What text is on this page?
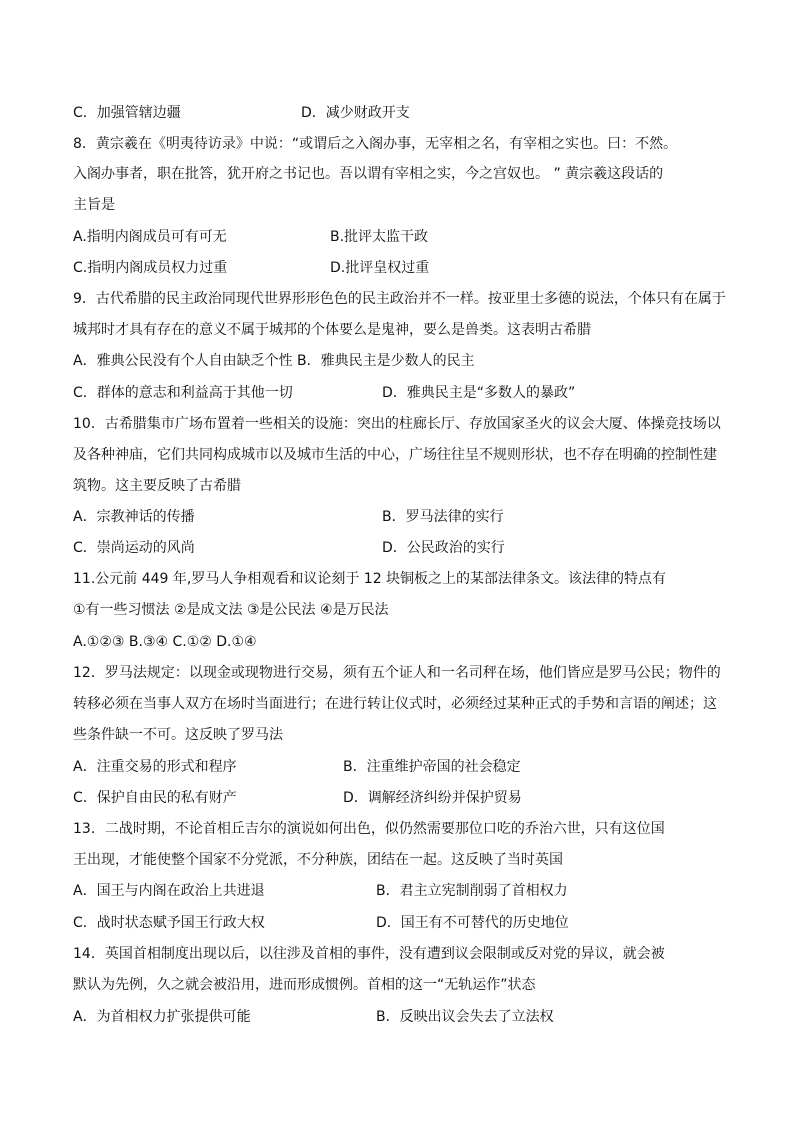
C．加强管辖边疆	D．减少财政开支
8．黄宗羲在《明夷待访录》中说：“或谓后之入阁办事，无宰相之名，有宰相之实也。曰：不然。
入阁办事者，职在批答，犹开府之书记也。吾以谓有宰相之实，今之宫奴也。 ” 黄宗羲这段话的
主旨是
A.指明内阁成员可有可无	B.批评太监干政
C.指明内阁成员权力过重	D.批评皇权过重
9．古代希腊的民主政治同现代世界形形色色的民主政治并不一样。按亚里士多德的说法，个体只有在属于
城邦时才具有存在的意义不属于城邦的个体要么是鬼神，要么是兽类。这表明古希腊
A．雅典公民没有个人自由缺乏个性 B．雅典民主是少数人的民主
C．群体的意志和利益高于其他一切	D．雅典民主是“多数人的暴政”
10．古希腊集市广场布置着一些相关的设施：突出的柱廊长厅、存放国家圣火的议会大厦、体操竞技场以
及各种神庙，它们共同构成城市以及城市生活的中心，广场往往呈不规则形状，也不存在明确的控制性建
筑物。这主要反映了古希腊
A．宗教神话的传播	B．罗马法律的实行
C．崇尚运动的风尚	D．公民政治的实行
11.公元前 449 年,罗马人争相观看和议论刻于 12 块铜板之上的某部法律条文。该法律的特点有
①有一些习惯法 ②是成文法 ③是公民法 ④是万民法
A.①②③ B.③④ C.①② D.①④
12．罗马法规定：以现金或现物进行交易，须有五个证人和一名司秤在场，他们皆应是罗马公民；物件的
转移必须在当事人双方在场时当面进行；在进行转让仪式时，必须经过某种正式的手势和言语的阐述；这
些条件缺一不可。这反映了罗马法
A．注重交易的形式和程序	B．注重维护帝国的社会稳定
C．保护自由民的私有财产	D．调解经济纠纷并保护贸易
13．二战时期，不论首相丘吉尔的演说如何出色，似仍然需要那位口吃的乔治六世，只有这位国
王出现，才能使整个国家不分党派，不分种族，团结在一起。这反映了当时英国
A．国王与内阁在政治上共进退	B．君主立宪制削弱了首相权力
C．战时状态赋予国王行政大权	D．国王有不可替代的历史地位
14．英国首相制度出现以后，以往涉及首相的事件，没有遭到议会限制或反对党的异议，就会被
默认为先例，久之就会被沿用，进而形成惯例。首相的这一“无轨运作”状态
A．为首相权力扩张提供可能	B．反映出议会失去了立法权
